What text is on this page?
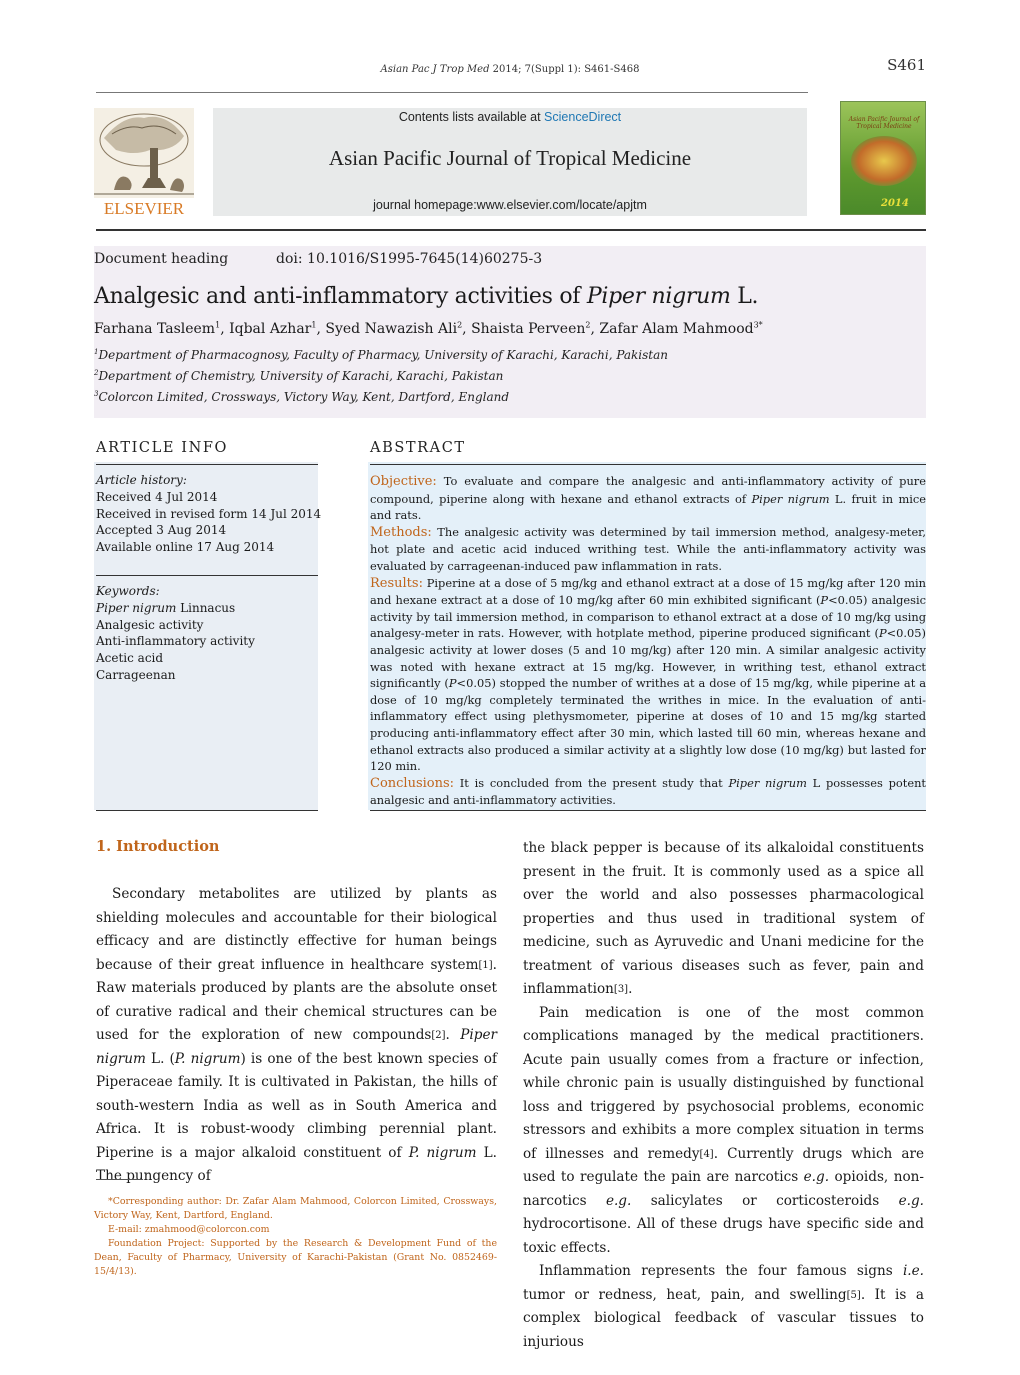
Asian Pac J Trop Med 2014; 7(Suppl 1): S461-S468	S461
ELSEVIER
Contents lists available at ScienceDirect
Asian Pacific Journal of Tropical Medicine
journal homepage:www.elsevier.com/locate/apjtm
Asian Pacific Journal of Tropical Medicine
2014
Document heading	doi: 10.1016/S1995-7645(14)60275-3
Analgesic and anti-inflammatory activities of Piper nigrum L.
Farhana Tasleem$^1$, Iqbal Azhar$^1$, Syed Nawazish Ali$^2$, Shaista Perveen$^2$, Zafar Alam Mahmood$^{3*}$
$^1$Department of Pharmacognosy, Faculty of Pharmacy, University of Karachi, Karachi, Pakistan
$^2$Department of Chemistry, University of Karachi, Karachi, Pakistan
$^3$Colorcon Limited, Crossways, Victory Way, Kent, Dartford, England
ARTICLE INFO
Article history:
Received 4 Jul 2014
Received in revised form 14 Jul 2014
Accepted 3 Aug 2014
Available online 17 Aug 2014
Keywords:
Piper nigrum Linnacus
Analgesic activity
Anti-inflammatory activity
Acetic acid
Carrageenan
ABSTRACT

Objective: To evaluate and compare the analgesic and anti-inflammatory activity of pure compound, piperine along with hexane and ethanol extracts of Piper nigrum L. fruit in mice and rats.

Methods: The analgesic activity was determined by tail immersion method, analgesy-meter, hot plate and acetic acid induced writhing test. While the anti-inflammatory activity was evaluated by carrageenan-induced paw inflammation in rats.

Results: Piperine at a dose of 5 mg/kg and ethanol extract at a dose of 15 mg/kg after 120 min and hexane extract at a dose of 10 mg/kg after 60 min exhibited significant (P<0.05) analgesic activity by tail immersion method, in comparison to ethanol extract at a dose of 10 mg/kg using analgesy-meter in rats. However, with hotplate method, piperine produced significant (P<0.05) analgesic activity at lower doses (5 and 10 mg/kg) after 120 min. A similar analgesic activity was noted with hexane extract at 15 mg/kg. However, in writhing test, ethanol extract significantly (P<0.05) stopped the number of writhes at a dose of 15 mg/kg, while piperine at a dose of 10 mg/kg completely terminated the writhes in mice. In the evaluation of anti-inflammatory effect using plethysmometer, piperine at doses of 10 and 15 mg/kg started producing anti-inflammatory effect after 30 min, which lasted till 60 min, whereas hexane and ethanol extracts also produced a similar activity at a slightly low dose (10 mg/kg) but lasted for 120 min.

Conclusions: It is concluded from the present study that Piper nigrum L possesses potent analgesic and anti-inflammatory activities.

1. Introduction

Secondary metabolites are utilized by plants as shielding molecules and accountable for their biological efficacy and are distinctly effective for human beings because of their great influence in healthcare system[1]. Raw materials produced by plants are the absolute onset of curative radical and their chemical structures can be used for the exploration of new compounds[2]. Piper nigrum L. (P. nigrum) is one of the best known species of Piperaceae family. It is cultivated in Pakistan, the hills of south-western India as well as in South America and Africa. It is robust-woody climbing perennial plant. Piperine is a major alkaloid constituent of P. nigrum L. The pungency of

the black pepper is because of its alkaloidal constituents present in the fruit. It is commonly used as a spice all over the world and also possesses pharmacological properties and thus used in traditional system of medicine, such as Ayruvedic and Unani medicine for the treatment of various diseases such as fever, pain and inflammation[3].

Pain medication is one of the most common complications managed by the medical practitioners. Acute pain usually comes from a fracture or infection, while chronic pain is usually distinguished by functional loss and triggered by psychosocial problems, economic stressors and exhibits a more complex situation in terms of illnesses and remedy[4]. Currently drugs which are used to regulate the pain are narcotics e.g. opioids, non-narcotics e.g. salicylates or corticosteroids e.g. hydrocortisone. All of these drugs have specific side and toxic effects.

Inflammation represents the four famous signs i.e. tumor or redness, heat, pain, and swelling[5]. It is a complex biological feedback of vascular tissues to injurious

*Corresponding author: Dr. Zafar Alam Mahmood, Colorcon Limited, Crossways, Victory Way, Kent, Dartford, England.

E-mail: zmahmood@colorcon.com

Foundation Project: Supported by the Research & Development Fund of the Dean, Faculty of Pharmacy, University of Karachi-Pakistan (Grant No. 0852469-15/4/13).
